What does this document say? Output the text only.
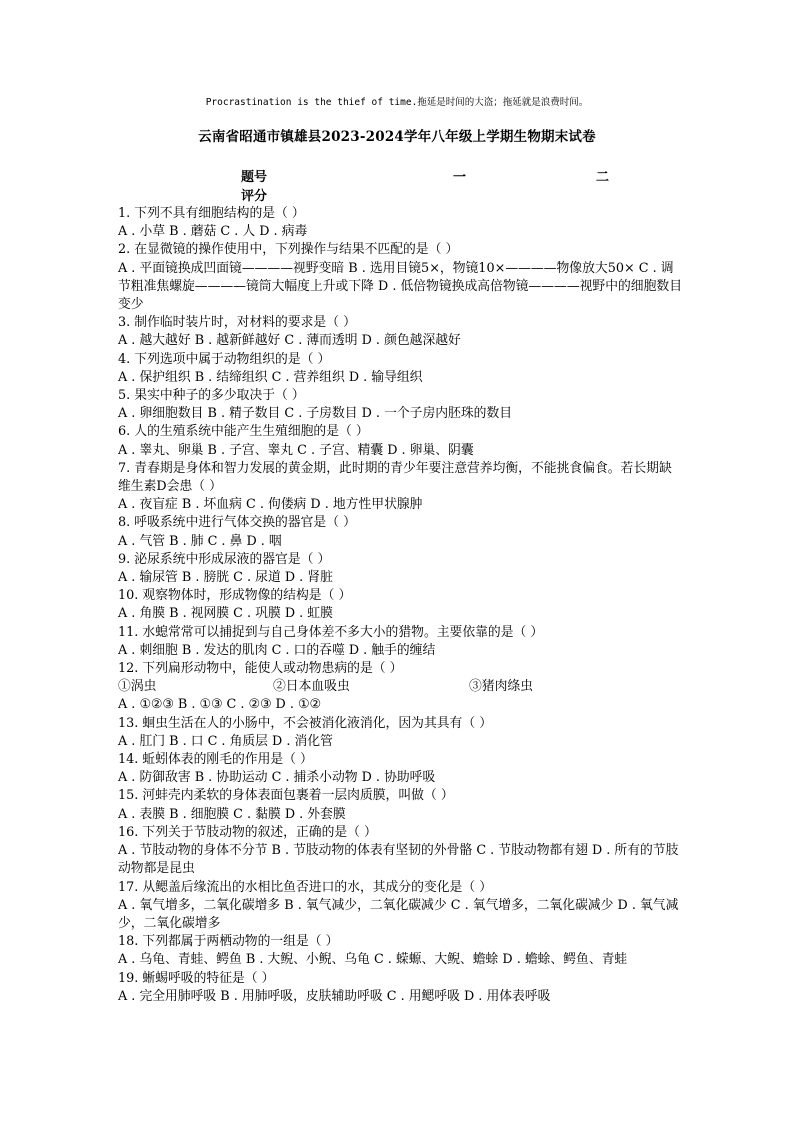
Procrastination is the thief of time.拖延是时间的大盗；拖延就是浪费时间。
云南省昭通市镇雄县2023-2024学年八年级上学期生物期末试卷
题号	一	二
评分
1. 下列不具有细胞结构的是（ ）
A . 小草 B . 蘑菇 C . 人 D . 病毒
2. 在显微镜的操作使用中，下列操作与结果不匹配的是（ ）
A . 平面镜换成凹面镜————视野变暗 B . 选用目镜5×，物镜10×————物像放大50× C . 调节粗准焦螺旋————镜筒大幅度上升或下降 D . 低倍物镜换成高倍物镜————视野中的细胞数目变少
3. 制作临时装片时，对材料的要求是（ ）
A . 越大越好 B . 越新鲜越好 C . 薄而透明 D . 颜色越深越好
4. 下列选项中属于动物组织的是（ ）
A . 保护组织 B . 结缔组织 C . 营养组织 D . 输导组织
5. 果实中种子的多少取决于（ ）
A . 卵细胞数目 B . 精子数目 C . 子房数目 D . 一个子房内胚珠的数目
6. 人的生殖系统中能产生生殖细胞的是（ ）
A . 睾丸、卵巢 B . 子宫、睾丸 C . 子宫、精囊 D . 卵巢、阴囊
7. 青春期是身体和智力发展的黄金期，此时期的青少年要注意营养均衡，不能挑食偏食。若长期缺维生素D会患（ ）
A . 夜盲症 B . 坏血病 C . 佝偻病 D . 地方性甲状腺肿
8. 呼吸系统中进行气体交换的器官是（ ）
A . 气管 B . 肺 C . 鼻 D . 咽
9. 泌尿系统中形成尿液的器官是（ ）
A . 输尿管 B . 膀胱 C . 尿道 D . 肾脏
10. 观察物体时，形成物像的结构是（ ）
A . 角膜 B . 视网膜 C . 巩膜 D . 虹膜
11. 水螅常常可以捕捉到与自己身体差不多大小的猎物。主要依靠的是（ ）
A . 刺细胞 B . 发达的肌肉 C . 口的吞噬 D . 触手的缠结
12. 下列扁形动物中，能使人或动物患病的是（ ）
①涡虫	②日本血吸虫	③猪肉绦虫
A . ①②③ B . ①③ C . ②③ D . ①②
13. 蛔虫生活在人的小肠中，不会被消化液消化，因为其具有（ ）
A . 肛门 B . 口 C . 角质层 D . 消化管
14. 蚯蚓体表的刚毛的作用是（ ）
A . 防御敌害 B . 协助运动 C . 捕杀小动物 D . 协助呼吸
15. 河蚌壳内柔软的身体表面包裹着一层肉质膜，叫做（ ）
A . 表膜 B . 细胞膜 C . 黏膜 D . 外套膜
16. 下列关于节肢动物的叙述，正确的是（ ）
A . 节肢动物的身体不分节 B . 节肢动物的体表有坚韧的外骨骼 C . 节肢动物都有翅 D . 所有的节肢动物都是昆虫
17. 从鳃盖后缘流出的水相比鱼否进口的水，其成分的变化是（ ）
A . 氧气增多，二氧化碳增多 B . 氧气减少，二氧化碳减少 C . 氧气增多，二氧化碳减少 D . 氧气减少，二氧化碳增多
18. 下列都属于两栖动物的一组是（ ）
A . 乌龟、青蛙、鳄鱼 B . 大鲵、小鲵、乌龟 C . 蝾螈、大鲵、蟾蜍 D . 蟾蜍、鳄鱼、青蛙
19. 蜥蜴呼吸的特征是（ ）
A . 完全用肺呼吸 B . 用肺呼吸，皮肤辅助呼吸 C . 用鳃呼吸 D . 用体表呼吸
